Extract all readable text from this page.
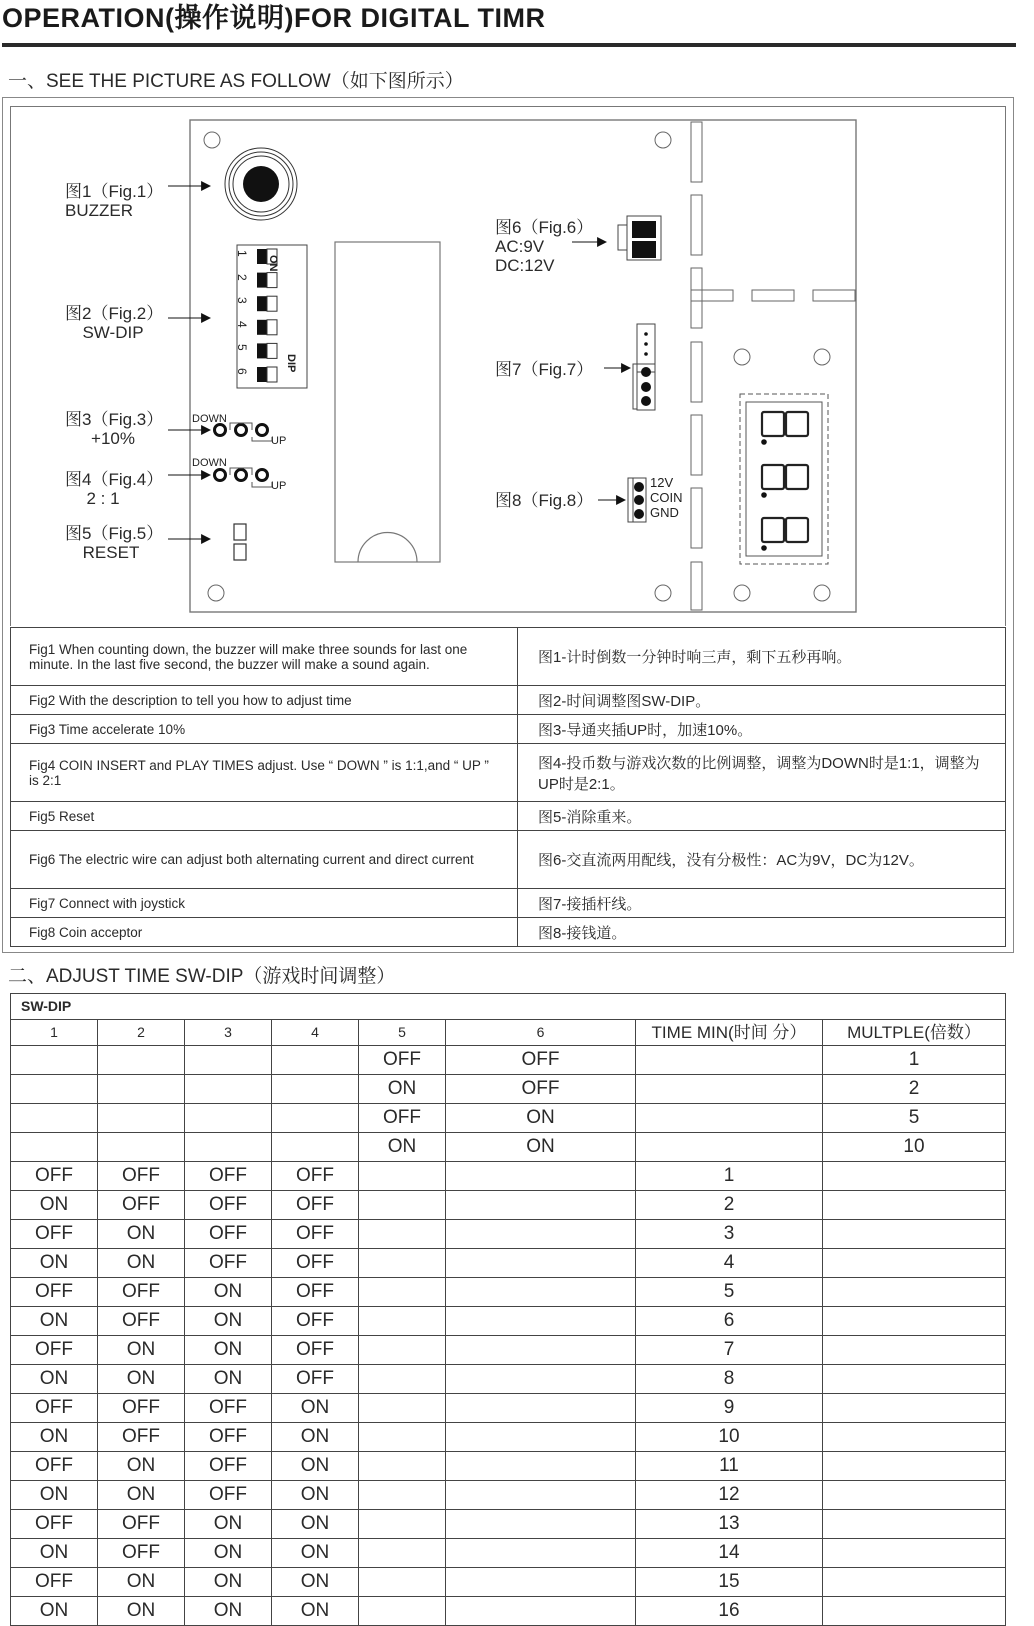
OPERATION(操作说明)FOR DIGITAL TIMR
一、SEE THE PICTURE AS FOLLOW（如下图所示）
图1（Fig.1）
BUZZER
图2（Fig.2）
SW-DIP
图3（Fig.3）
+10%
图4（Fig.4）
2 : 1
图5（Fig.5）
RESET
图6（Fig.6）
AC:9V
DC:12V
图7（Fig.7）
图8（Fig.8）
DOWN
UP
DOWN
UP	12V
COIN
GND
ON
DIP
1
2
3
4
5
6
Fig1 When counting down, the buzzer will make three sounds for last one minute. In the last five second, the buzzer will make a sound again.	图1-计时倒数一分钟时响三声，剩下五秒再响。
Fig2 With the description to tell you how to adjust time	图2-时间调整图SW-DIP。
Fig3 Time accelerate 10%	图3-导通夹插UP时，加速10%。
Fig4 COIN INSERT and PLAY TIMES adjust. Use “ DOWN ” is 1:1,and “ UP ” is 2:1	图4-投币数与游戏次数的比例调整，调整为DOWN时是1:1，调整为UP时是2:1。
Fig5 Reset	图5-消除重来。
Fig6 The electric wire can adjust both alternating current and direct current	图6-交直流两用配线，没有分极性：AC为9V，DC为12V。
Fig7 Connect with joystick	图7-接插杆线。
Fig8 Coin acceptor	图8-接钱道。
二、ADJUST TIME SW-DIP（游戏时间调整）
SW-DIP							
1	2	3	4	5	6	TIME MIN(时间 分）	MULTPLE(倍数）
				OFF	OFF		1
				ON	OFF		2
				OFF	ON		5
				ON	ON		10
OFF	OFF	OFF	OFF			1	
ON	OFF	OFF	OFF			2	
OFF	ON	OFF	OFF			3	
ON	ON	OFF	OFF			4	
OFF	OFF	ON	OFF			5	
ON	OFF	ON	OFF			6	
OFF	ON	ON	OFF			7	
ON	ON	ON	OFF			8	
OFF	OFF	OFF	ON			9	
ON	OFF	OFF	ON			10	
OFF	ON	OFF	ON			11	
ON	ON	OFF	ON			12	
OFF	OFF	ON	ON			13	
ON	OFF	ON	ON			14	
OFF	ON	ON	ON			15	
ON	ON	ON	ON			16	
